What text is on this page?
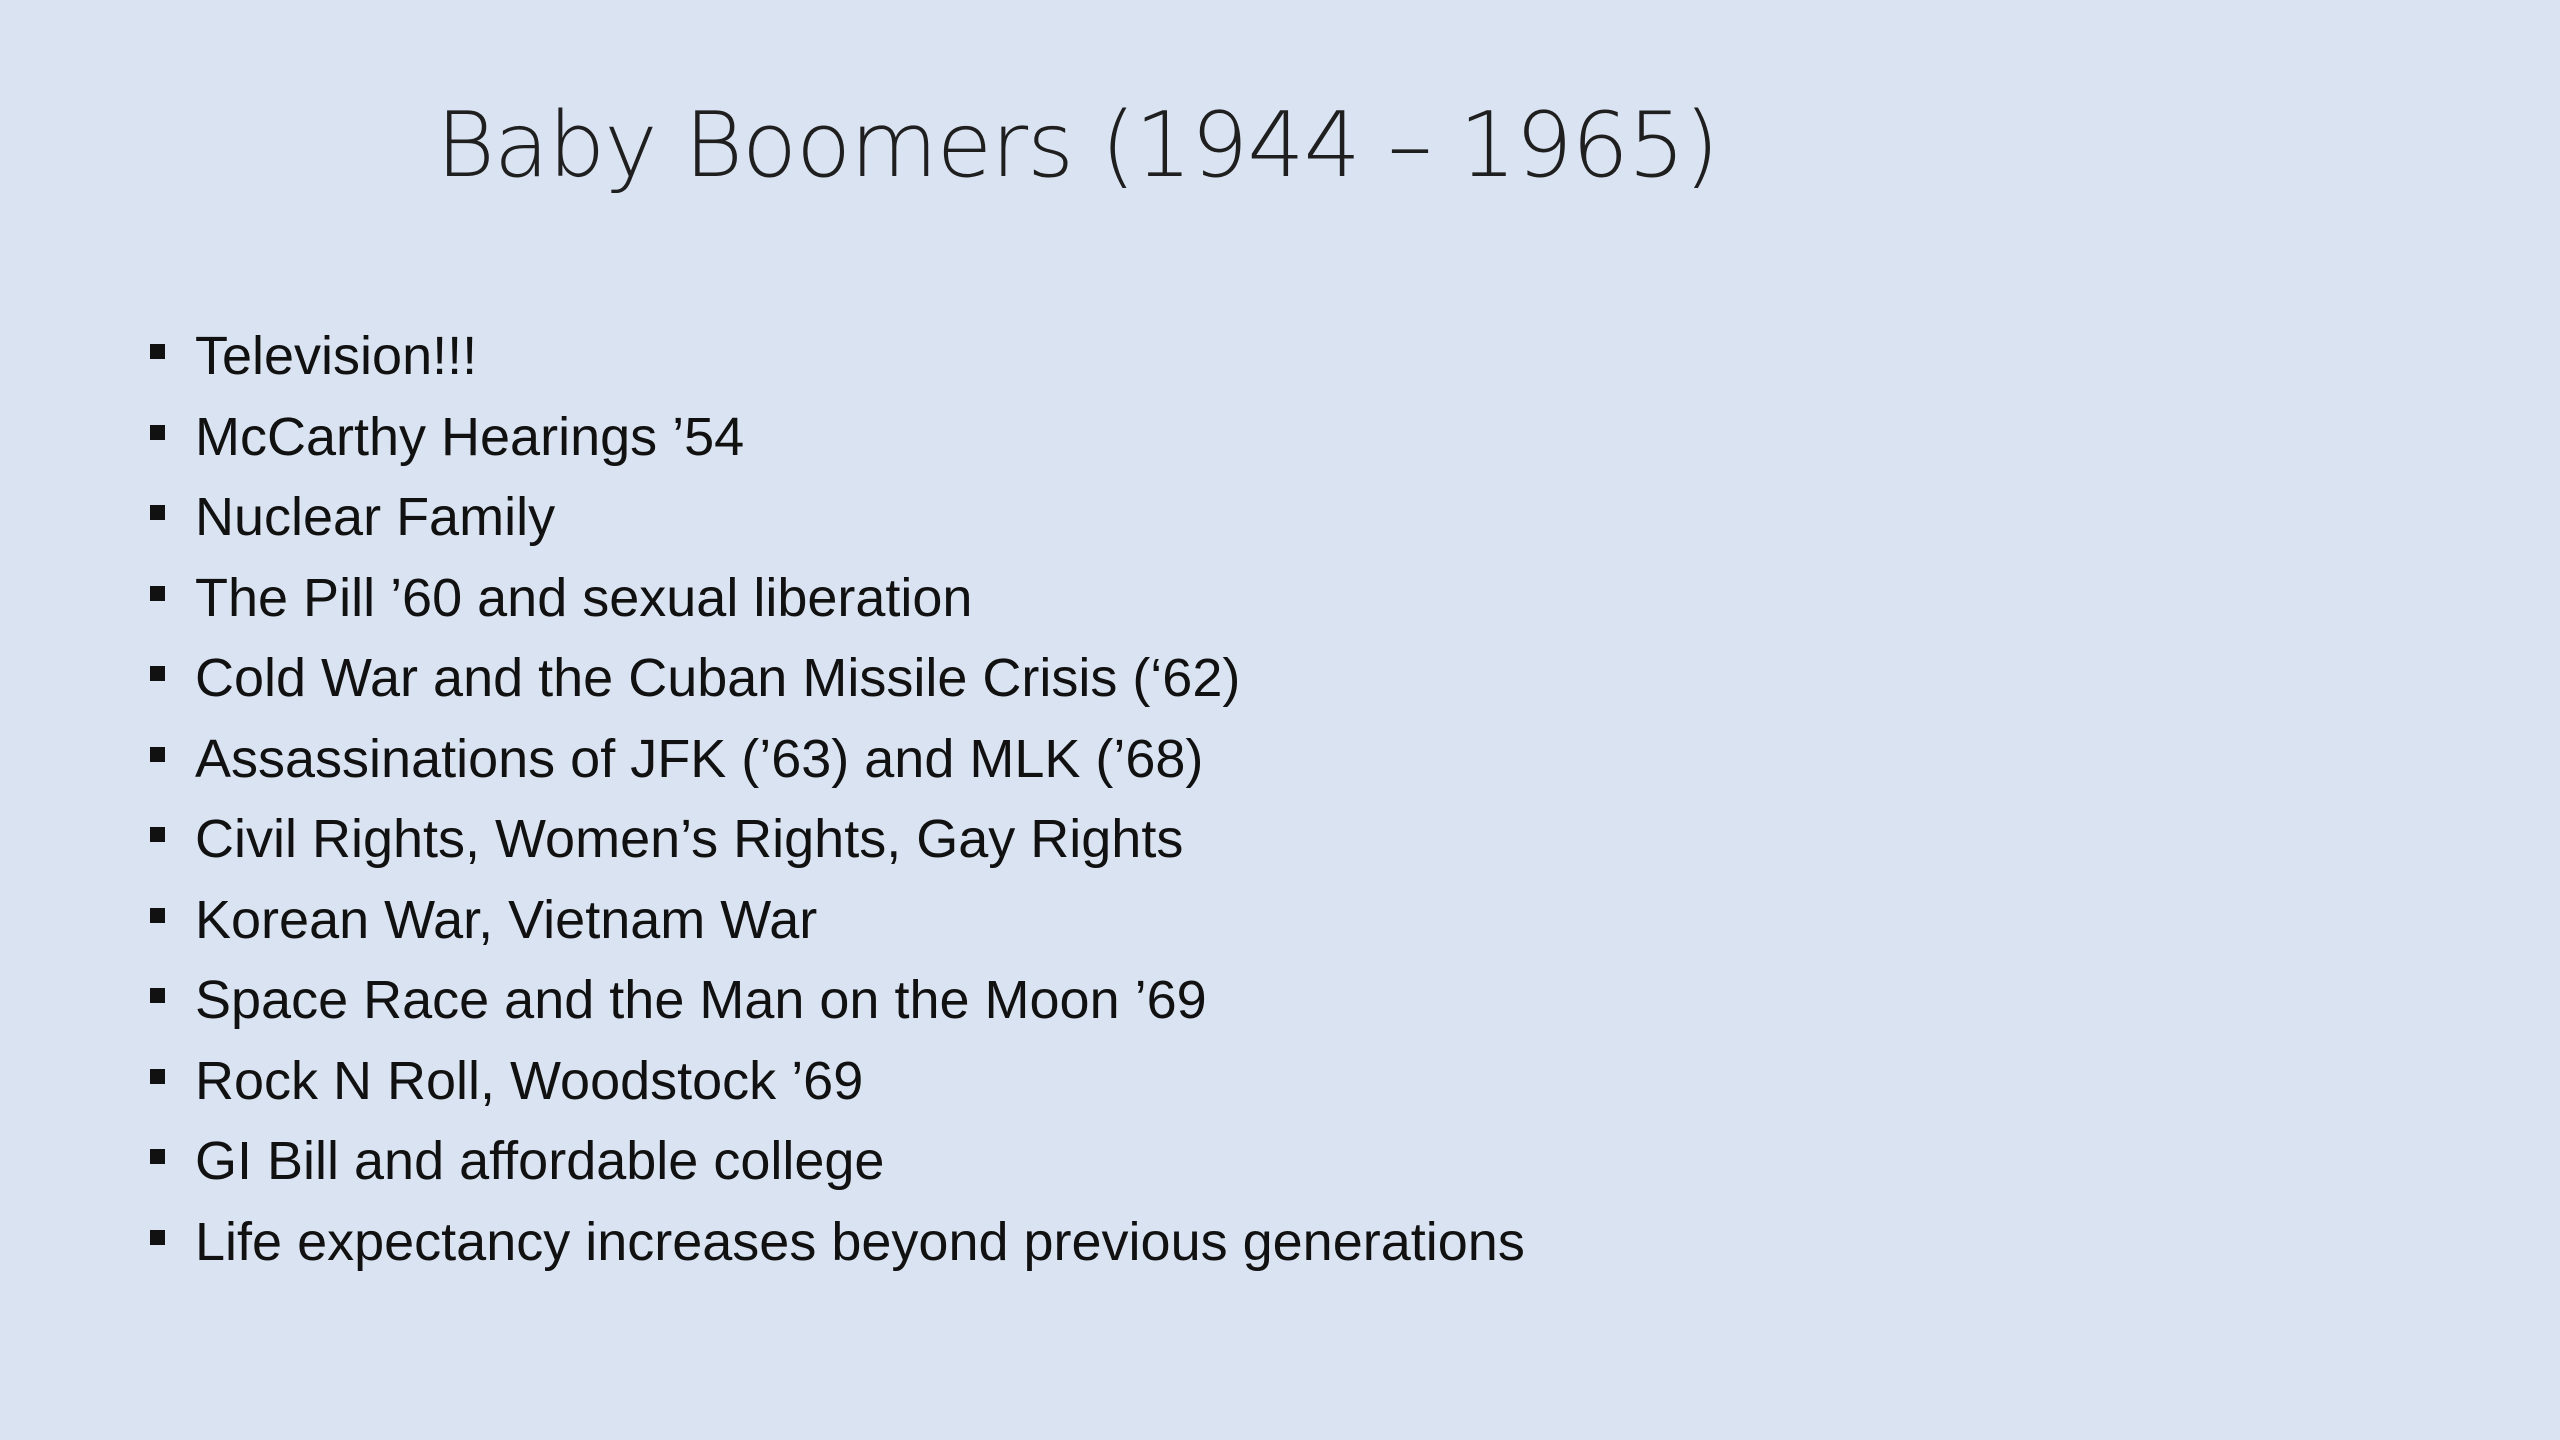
Baby Boomers (1944 – 1965)
Television!!!
McCarthy Hearings ’54
Nuclear Family
The Pill ’60 and sexual liberation
Cold War and the Cuban Missile Crisis (‘62)
Assassinations of JFK (’63) and MLK (’68)
Civil Rights, Women’s Rights, Gay Rights
Korean War, Vietnam War
Space Race and the Man on the Moon ’69
Rock N Roll, Woodstock ’69
GI Bill and affordable college
Life expectancy increases beyond previous generations
